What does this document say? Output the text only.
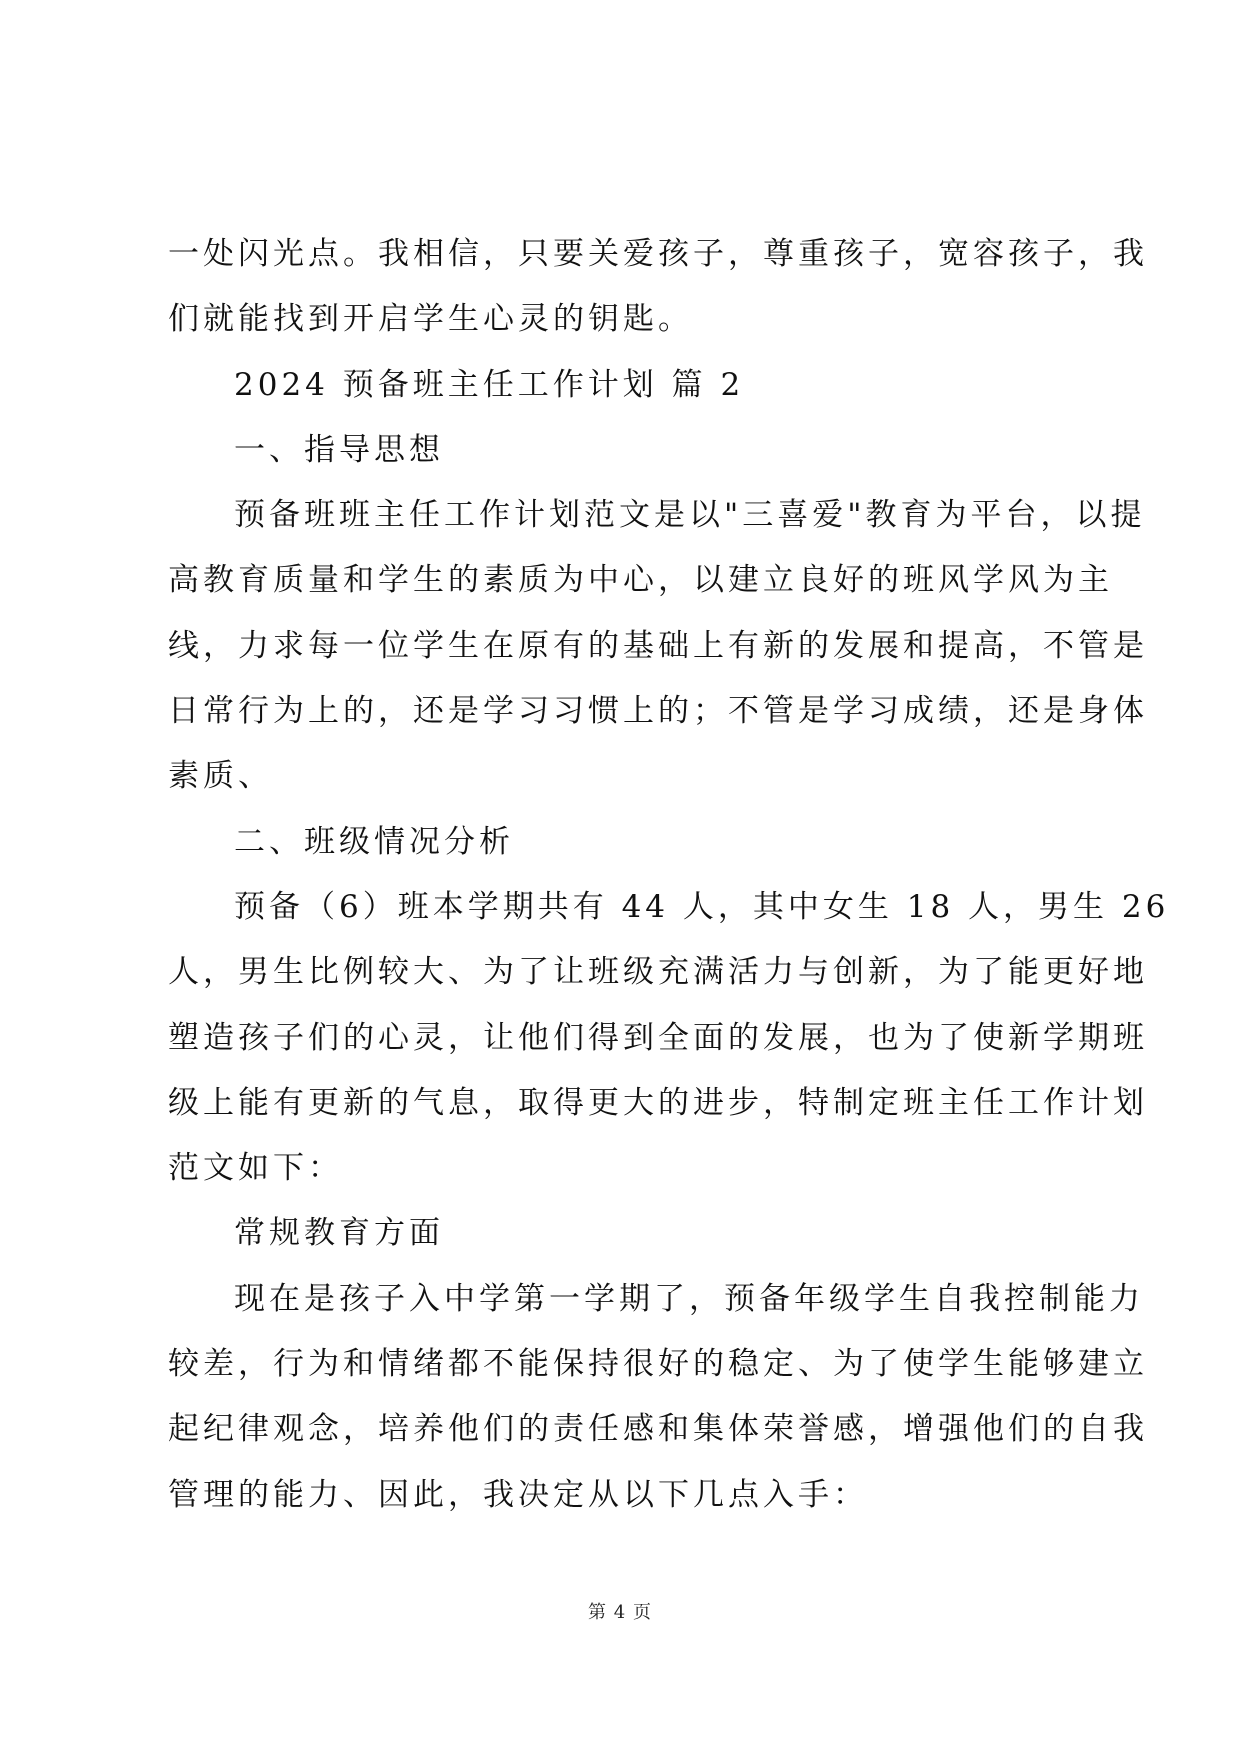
一处闪光点。我相信，只要关爱孩子，尊重孩子，宽容孩子，我

们就能找到开启学生心灵的钥匙。

2024 预备班主任工作计划 篇 2

一、指导思想

预备班班主任工作计划范文是以"三喜爱"教育为平台，以提

高教育质量和学生的素质为中心，以建立良好的班风学风为主

线，力求每一位学生在原有的基础上有新的发展和提高，不管是

日常行为上的，还是学习习惯上的；不管是学习成绩，还是身体

素质、

二、班级情况分析

预备（6）班本学期共有 44 人，其中女生 18 人，男生 26

人，男生比例较大、为了让班级充满活力与创新，为了能更好地

塑造孩子们的心灵，让他们得到全面的发展，也为了使新学期班

级上能有更新的气息，取得更大的进步，特制定班主任工作计划

范文如下：

常规教育方面

现在是孩子入中学第一学期了，预备年级学生自我控制能力

较差，行为和情绪都不能保持很好的稳定、为了使学生能够建立

起纪律观念，培养他们的责任感和集体荣誉感，增强他们的自我

管理的能力、因此，我决定从以下几点入手：

第 4 页
